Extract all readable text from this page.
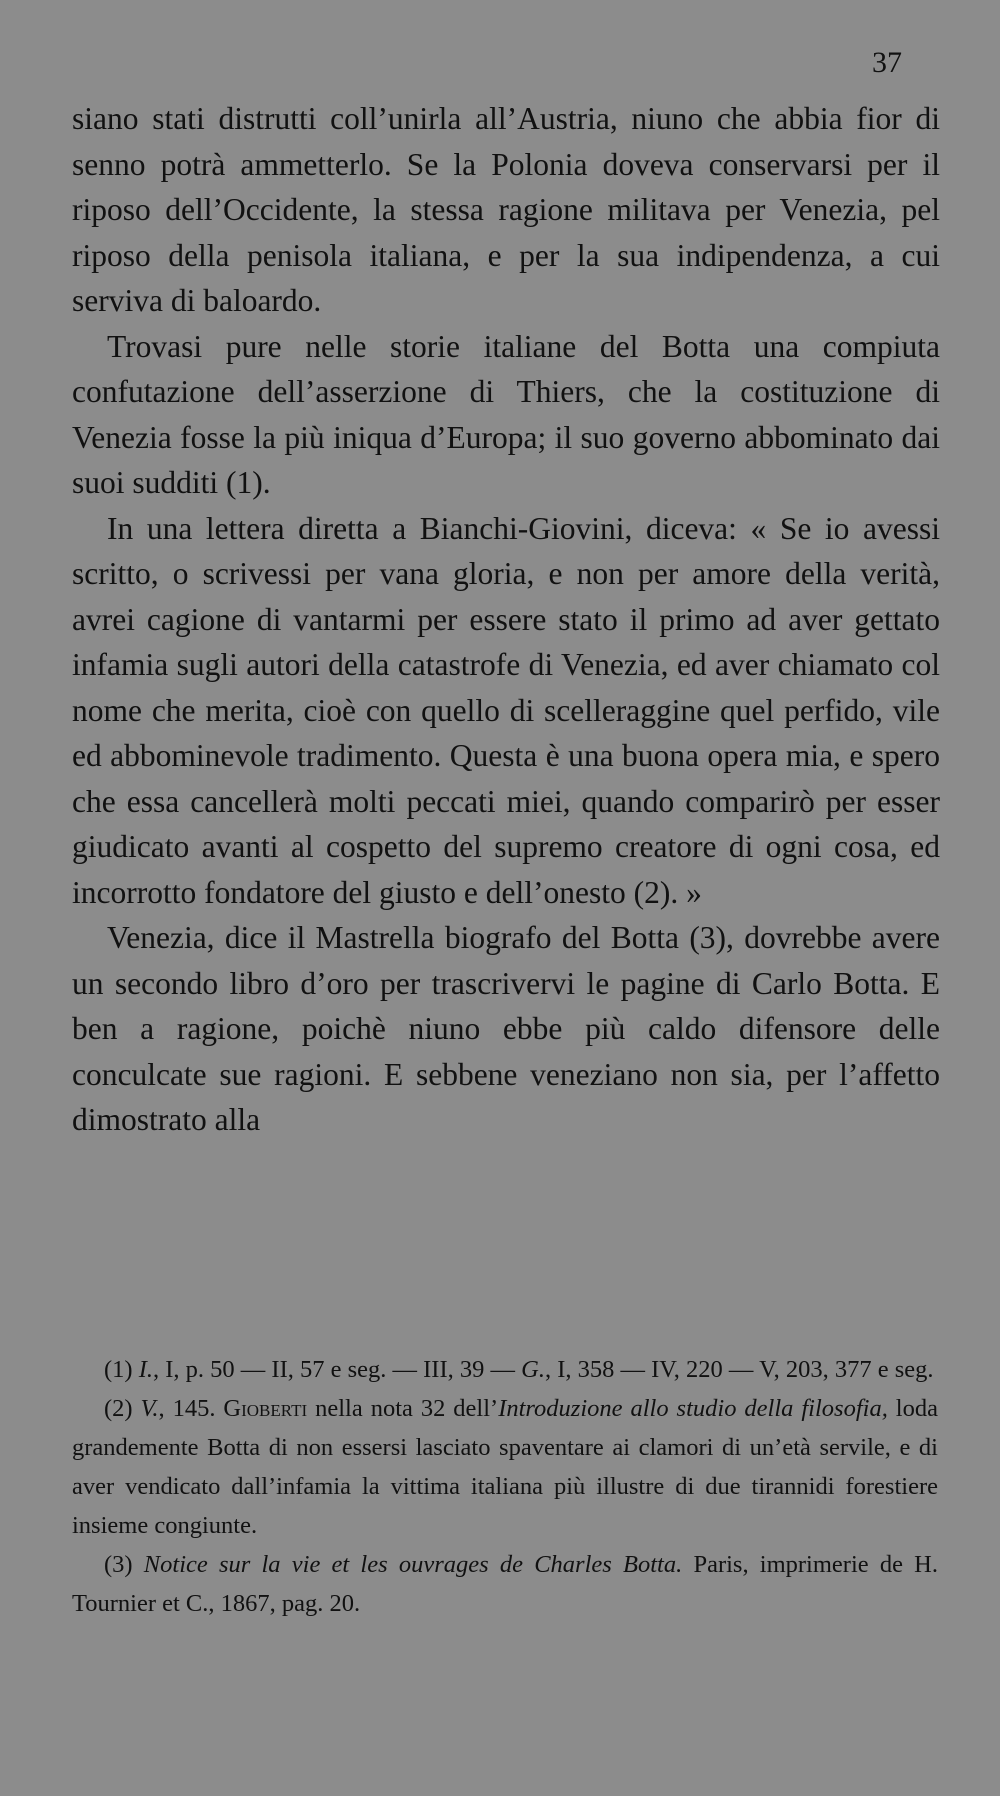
37

siano stati distrutti coll’unirla all’Austria, niuno che abbia fior di senno potrà ammetterlo. Se la Polonia doveva conservarsi per il riposo dell’Occidente, la stessa ragione militava per Venezia, pel riposo della penisola italiana, e per la sua indipendenza, a cui serviva di baloardo.

Trovasi pure nelle storie italiane del Botta una compiuta confutazione dell’asserzione di Thiers, che la costituzione di Venezia fosse la più iniqua d’Europa; il suo governo abbominato dai suoi sudditi (1).

In una lettera diretta a Bianchi-Giovini, diceva: « Se io avessi scritto, o scrivessi per vana gloria, e non per amore della verità, avrei cagione di vantarmi per essere stato il primo ad aver gettato infamia sugli autori della catastrofe di Venezia, ed aver chiamato col nome che merita, cioè con quello di scelleraggine quel perfido, vile ed abbominevole tradimento. Questa è una buona opera mia, e spero che essa cancellerà molti peccati miei, quando comparirò per esser giudicato avanti al cospetto del supremo creatore di ogni cosa, ed incorrotto fondatore del giusto e dell’onesto (2). »

Venezia, dice il Mastrella biografo del Botta (3), dovrebbe avere un secondo libro d’oro per trascrivervi le pagine di Carlo Botta. E ben a ragione, poichè niuno ebbe più caldo difensore delle conculcate sue ragioni. E sebbene veneziano non sia, per l’affetto dimostrato alla

(1) I., I, p. 50 — II, 57 e seg. — III, 39 — G., I, 358 — IV, 220 — V, 203, 377 e seg.

(2) V., 145. Gioberti nella nota 32 dell’Introduzione allo studio della filosofia, loda grandemente Botta di non essersi lasciato spaventare ai clamori di un’età servile, e di aver vendicato dall’infamia la vittima italiana più illustre di due tirannidi forestiere insieme congiunte.

(3) Notice sur la vie et les ouvrages de Charles Botta. Paris, imprimerie de H. Tournier et C., 1867, pag. 20.
